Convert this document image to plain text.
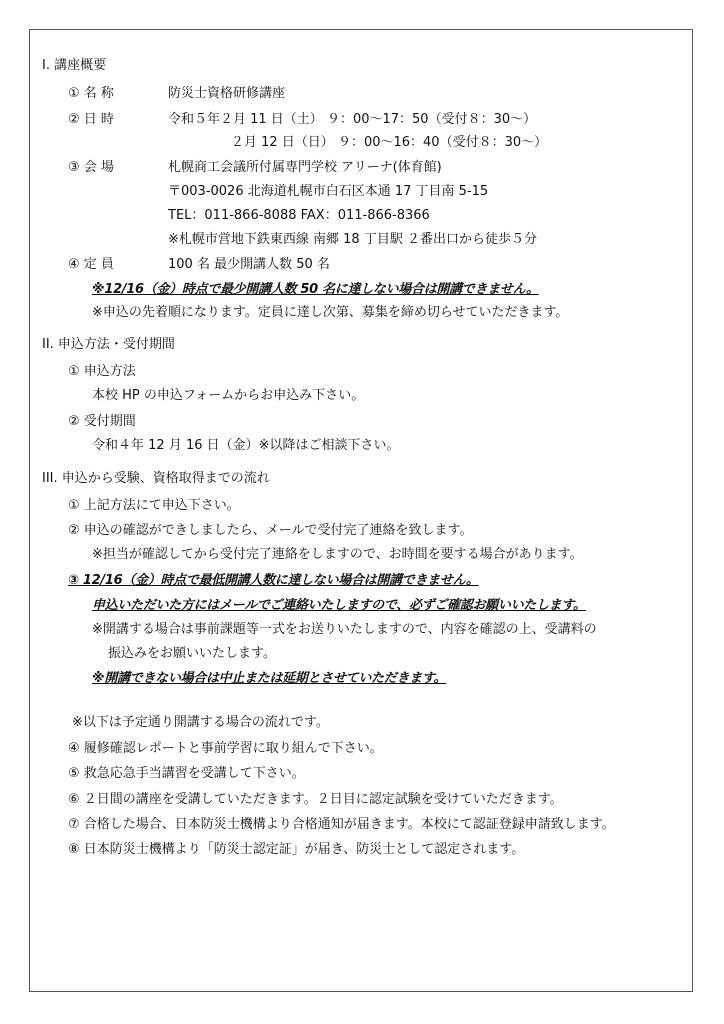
I. 講座概要
① 名 称	防災士資格研修講座
② 日 時	令和５年２月 11 日（土） ９：00～17：50（受付８：30～）
２月 12 日（日） ９：00～16：40（受付８：30～）
③ 会 場	札幌商工会議所付属専門学校 アリーナ(体育館)
〒003-0026 北海道札幌市白石区本通 17 丁目南 5-15
TEL：011-866-8088 FAX：011-866-8366
※札幌市営地下鉄東西線 南郷 18 丁目駅 ２番出口から徒歩５分
④ 定 員	100 名 最少開講人数 50 名
※12/16（金）時点で最少開講人数 50 名に達しない場合は開講できません。
※申込の先着順になります。定員に達し次第、募集を締め切らせていただきます。
II. 申込方法・受付期間
① 申込方法
本校 HP の申込フォームからお申込み下さい。
② 受付期間
令和４年 12 月 16 日（金）※以降はご相談下さい。
III. 申込から受験、資格取得までの流れ
① 上記方法にて申込下さい。
② 申込の確認ができしましたら、メールで受付完了連絡を致します。
※担当が確認してから受付完了連絡をしますので、お時間を要する場合があります。
③ 12/16（金）時点で最低開講人数に達しない場合は開講できません。
申込いただいた方にはメールでご連絡いたしますので、必ずご確認お願いいたします。
※開講する場合は事前課題等一式をお送りいたしますので、内容を確認の上、受講料の
振込みをお願いいたします。
※開講できない場合は中止または延期とさせていただきます。
※以下は予定通り開講する場合の流れです。
④ 履修確認レポートと事前学習に取り組んで下さい。
⑤ 救急応急手当講習を受講して下さい。
⑥ ２日間の講座を受講していただきます。２日目に認定試験を受けていただきます。
⑦ 合格した場合、日本防災士機構より合格通知が届きます。本校にて認証登録申請致します。
⑧ 日本防災士機構より「防災士認定証」が届き、防災士として認定されます。
